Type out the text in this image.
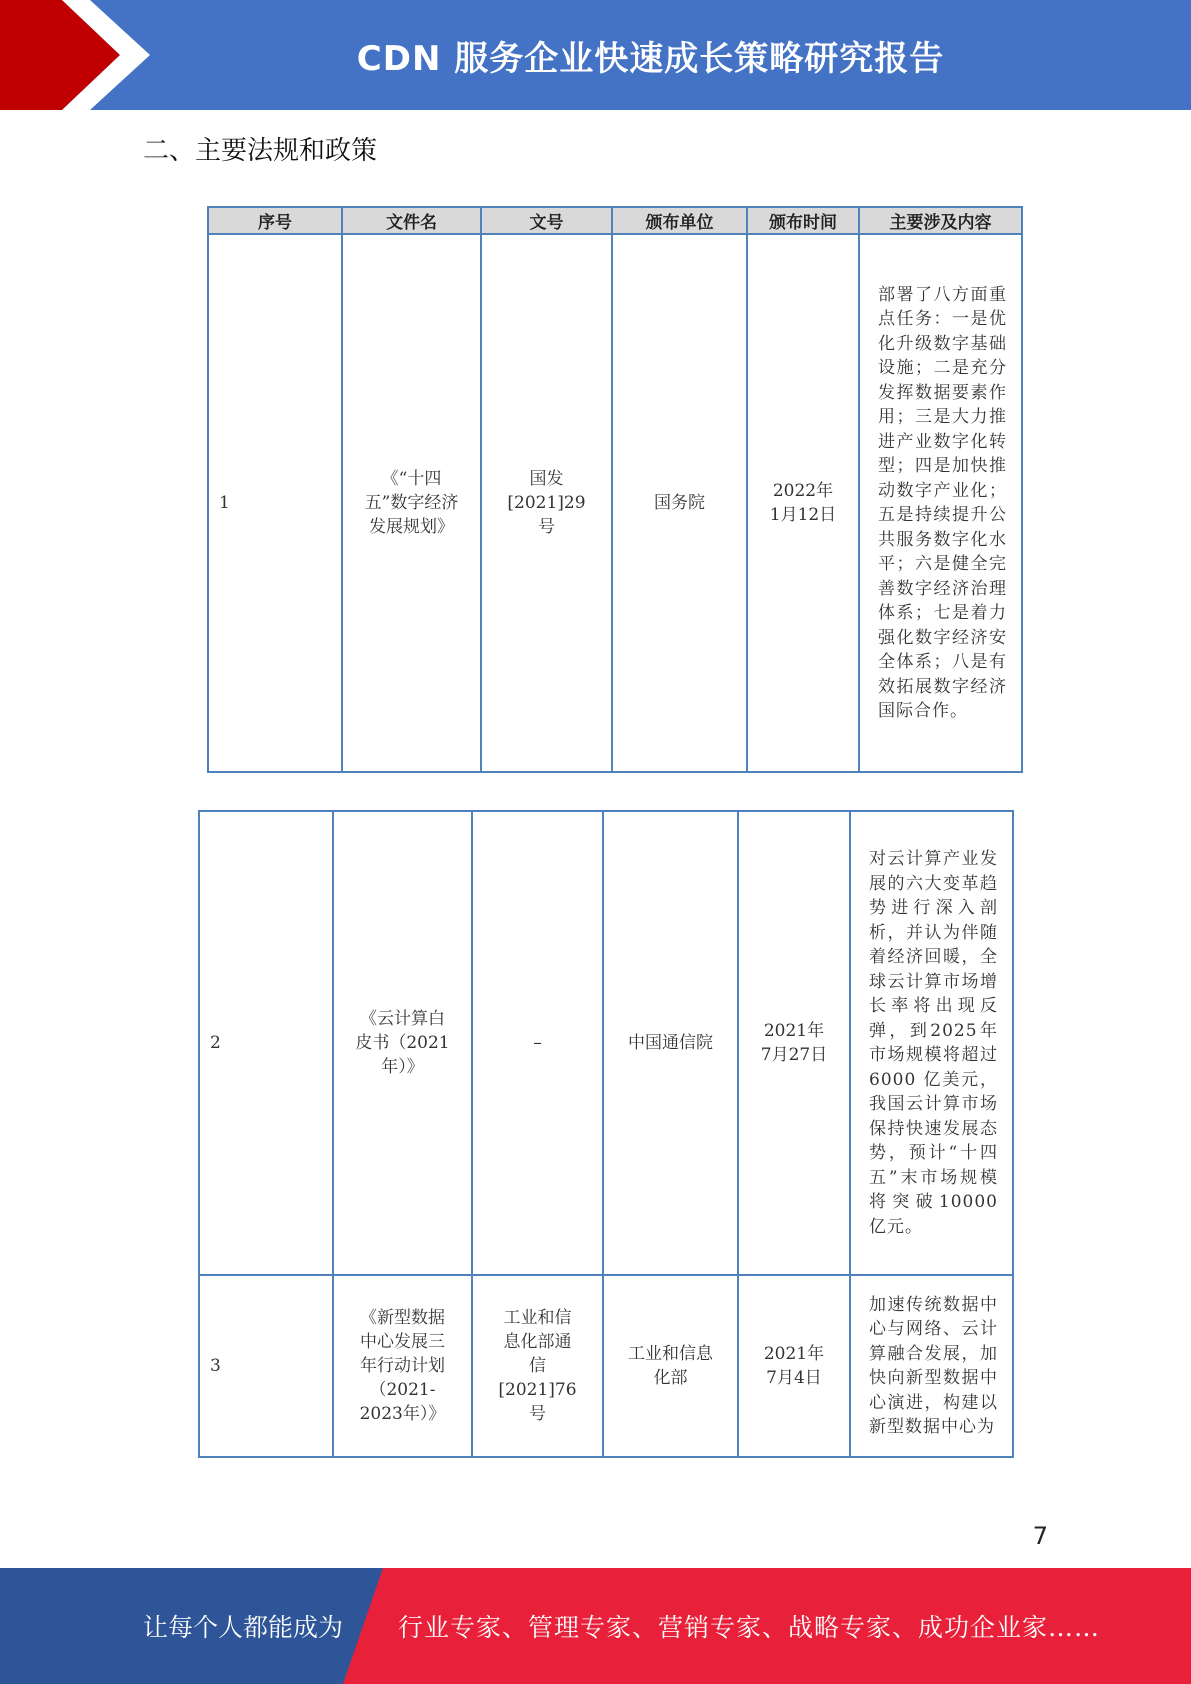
CDN 服务企业快速成长策略研究报告
二、主要法规和政策
序号	文件名	文号	颁布单位	颁布时间	主要涉及内容
1	《“十四五”数字经济发展规划》	国发[2021]29号	国务院	2022年1月12日	部署了八方面重点任务：一是优化升级数字基础设施；二是充分发挥数据要素作用；三是大力推进产业数字化转型；四是加快推动数字产业化；五是持续提升公共服务数字化水平；六是健全完善数字经济治理体系；七是着力强化数字经济安全体系；八是有效拓展数字经济国际合作。
2	《云计算白皮书（2021年）》	–	中国通信院	2021年7月27日	对云计算产业发展的六大变革趋势进行深入剖析，并认为伴随着经济回暖，全球云计算市场增长率将出现反弹，到2025年市场规模将超过 6000 亿美元，我国云计算市场保持快速发展态势，预计“十四五”末市场规模将突破10000亿元。
3	《新型数据中心发展三年行动计划（2021-2023年）》	工业和信息化部通信[2021]76号	工业和信息化部	2021年7月4日	加速传统数据中心与网络、云计算融合发展，加快向新型数据中心演进，构建以新型数据中心为
7
让每个人都能成为 行业专家、管理专家、营销专家、战略专家、成功企业家……
